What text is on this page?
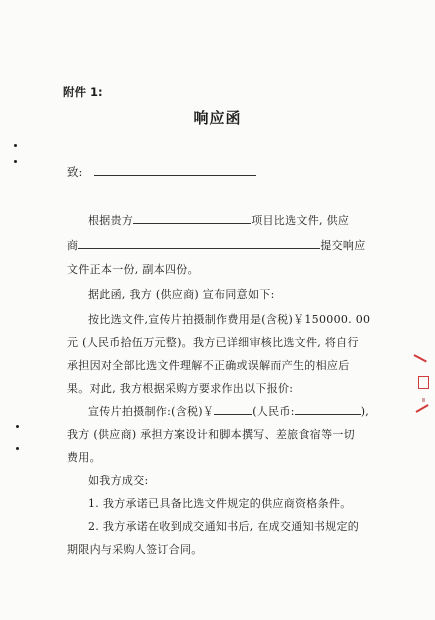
附件 1:
响应函
致:
根据贵方	项目比选文件, 供应
商	提交响应
文件正本一份, 副本四份。
据此函, 我方 (供应商) 宣布同意如下:
按比选文件,宣传片拍摄制作费用是(含税)￥150000. 00
元 (人民币拾伍万元整)。我方已详细审核比选文件, 将自行
承担因对全部比选文件理解不正确或误解而产生的相应后
果。对此, 我方根据采购方要求作出以下报价:
宣传片拍摄制作:(含税)￥	(人民币:	),
我方 (供应商) 承担方案设计和脚本撰写、差旅食宿等一切
费用。
如我方成交:
1. 我方承诺已具备比选文件规定的供应商资格条件。
2. 我方承诺在收到成交通知书后, 在成交通知书规定的
期限内与采购人签订合同。
